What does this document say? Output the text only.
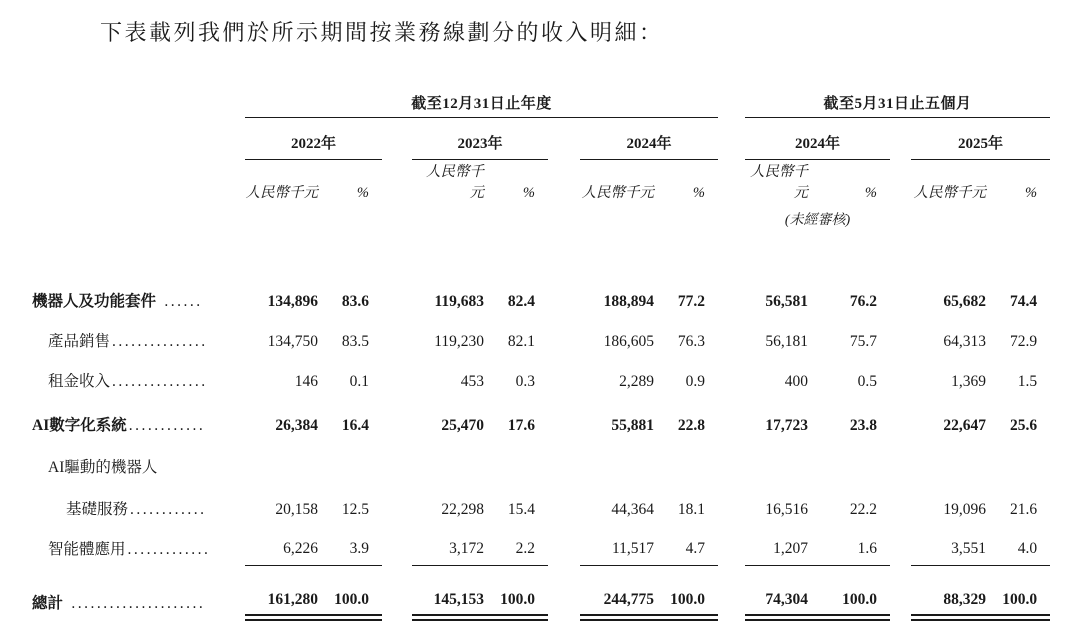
下表載列我們於所示期間按業務線劃分的收入明細：
	截至12月31日止年度									截至5月31日止五個月				
	2022年			2023年			2024年			2024年			2025年	
	人民幣千元	%		人民幣千元	%		人民幣千元	%		人民幣千元	%		人民幣千元	%
										(未經審核)				

機器人及功能套件 ......	134,896	83.6		119,683	82.4		188,894	77.2		56,581	76.2		65,682	74.4
產品銷售 ...............	134,750	83.5		119,230	82.1		186,605	76.3		56,181	75.7		64,313	72.9
租金收入 ...............	146	0.1		453	0.3		2,289	0.9		400	0.5		1,369	1.5
AI數字化系統 ............	26,384	16.4		25,470	17.6		55,881	22.8		17,723	23.8		22,647	25.6
AI驅動的機器人														
基礎服務 ............	20,158	12.5		22,298	15.4		44,364	18.1		16,516	22.2		19,096	21.6
智能體應用 .............	6,226	3.9		3,172	2.2		11,517	4.7		1,207	1.6		3,551	4.0
總計 .....................	161,280	100.0		145,153	100.0		244,775	100.0		74,304	100.0		88,329	100.0
